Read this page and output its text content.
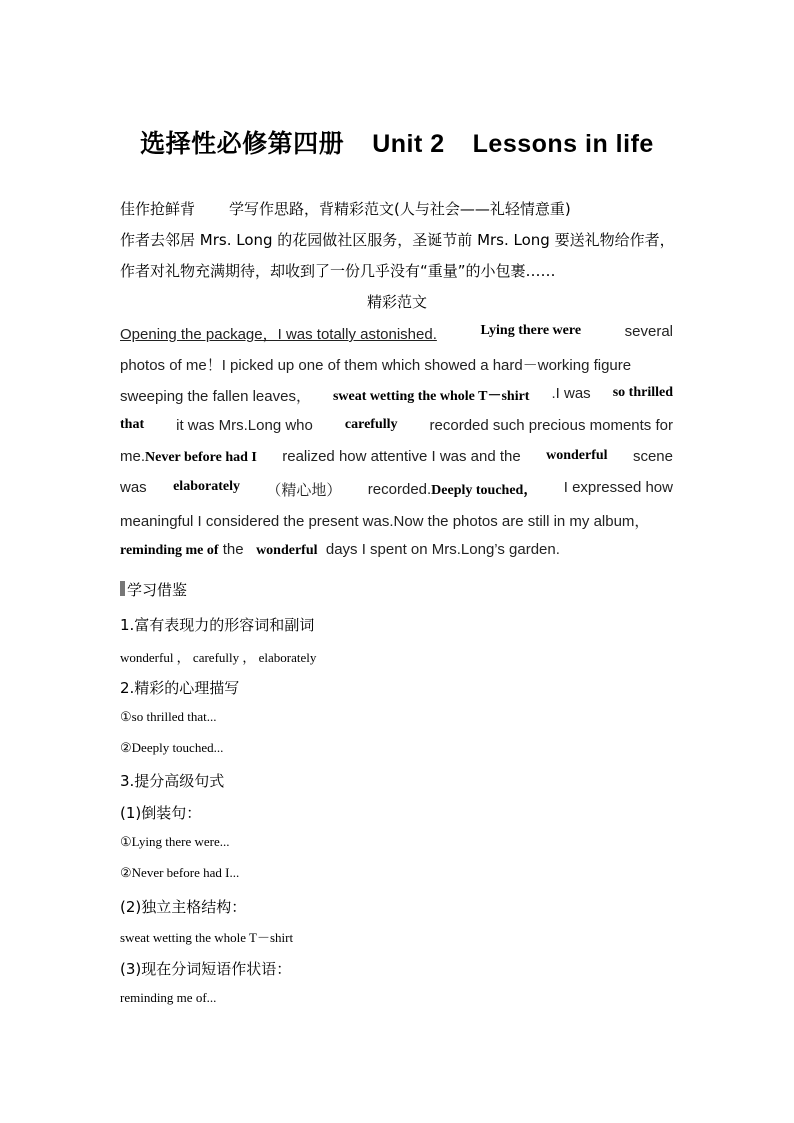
选择性必修第四册 Unit 2 Lessons in life
佳作抢鲜背 学写作思路，背精彩范文(人与社会——礼轻情意重)
作者去邻居 Mrs. Long 的花园做社区服务，圣诞节前 Mrs. Long 要送礼物给作者，
作者对礼物充满期待，却收到了一份几乎没有“重量”的小包裹……
精彩范文
Opening the package，I was totally astonished.	Lying there were	several
photos of me！I picked up one of them which showed a hard－working figure
sweeping the fallen leaves， sweat wetting the whole T－shirt .I was so thrilled
that it was Mrs.Long who carefully recorded such precious moments for
me.Never before had I realized how attentive I was and the wonderful scene
was elaborately （精心地） recorded.Deeply touched， I expressed how
meaningful I considered the present was.Now the photos are still in my album，
reminding me of the wonderful days I spent on Mrs.Long’s garden.
学习借鉴
1.富有表现力的形容词和副词
wonderful ， carefully ， elaborately
2.精彩的心理描写
①so thrilled that...
②Deeply touched...
3.提分高级句式
(1)倒装句：
①Lying there were...
②Never before had I...
(2)独立主格结构：
sweat wetting the whole T－shirt
(3)现在分词短语作状语：
reminding me of...
